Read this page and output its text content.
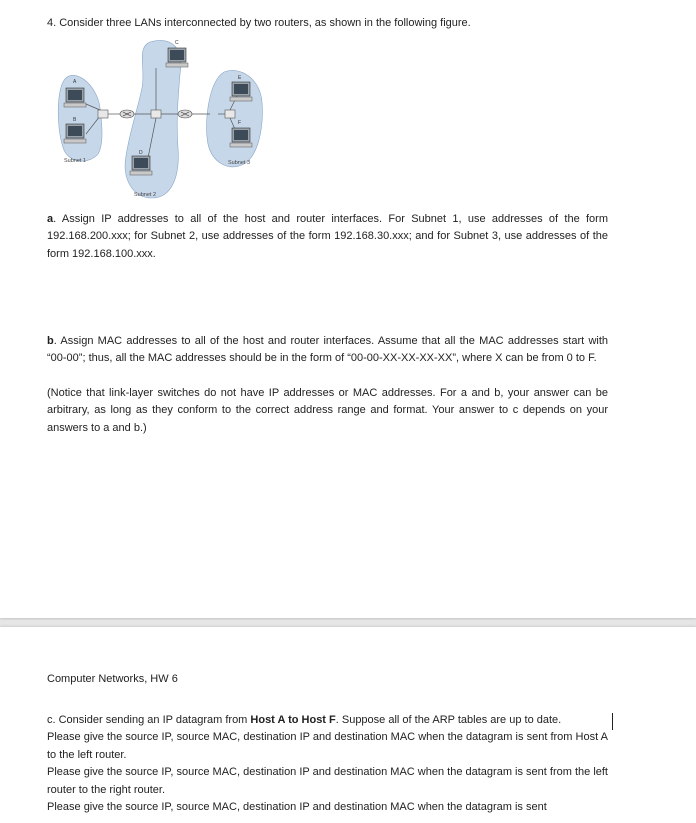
4. Consider three LANs interconnected by two routers, as shown in the following figure.
A
B
C
D
E
F
Subnet 1
Subnet 2
Subnet 3
a. Assign IP addresses to all of the host and router interfaces. For Subnet 1, use addresses of the form 192.168.200.xxx; for Subnet 2, use addresses of the form 192.168.30.xxx; and for Subnet 3, use addresses of the form 192.168.100.xxx.
b. Assign MAC addresses to all of the host and router interfaces. Assume that all the MAC addresses start with “00-00”; thus, all the MAC addresses should be in the form of “00-00-XX-XX-XX-XX”, where X can be from 0 to F.
(Notice that link-layer switches do not have IP addresses or MAC addresses. For a and b, your answer can be arbitrary, as long as they conform to the correct address range and format. Your answer to c depends on your answers to a and b.)
Computer Networks, HW 6
c. Consider sending an IP datagram from Host A to Host F. Suppose all of the ARP tables are up to date.
Please give the source IP, source MAC, destination IP and destination MAC when the datagram is sent from Host A to the left router.
Please give the source IP, source MAC, destination IP and destination MAC when the datagram is sent from the left router to the right router.
Please give the source IP, source MAC, destination IP and destination MAC when the datagram is sent
